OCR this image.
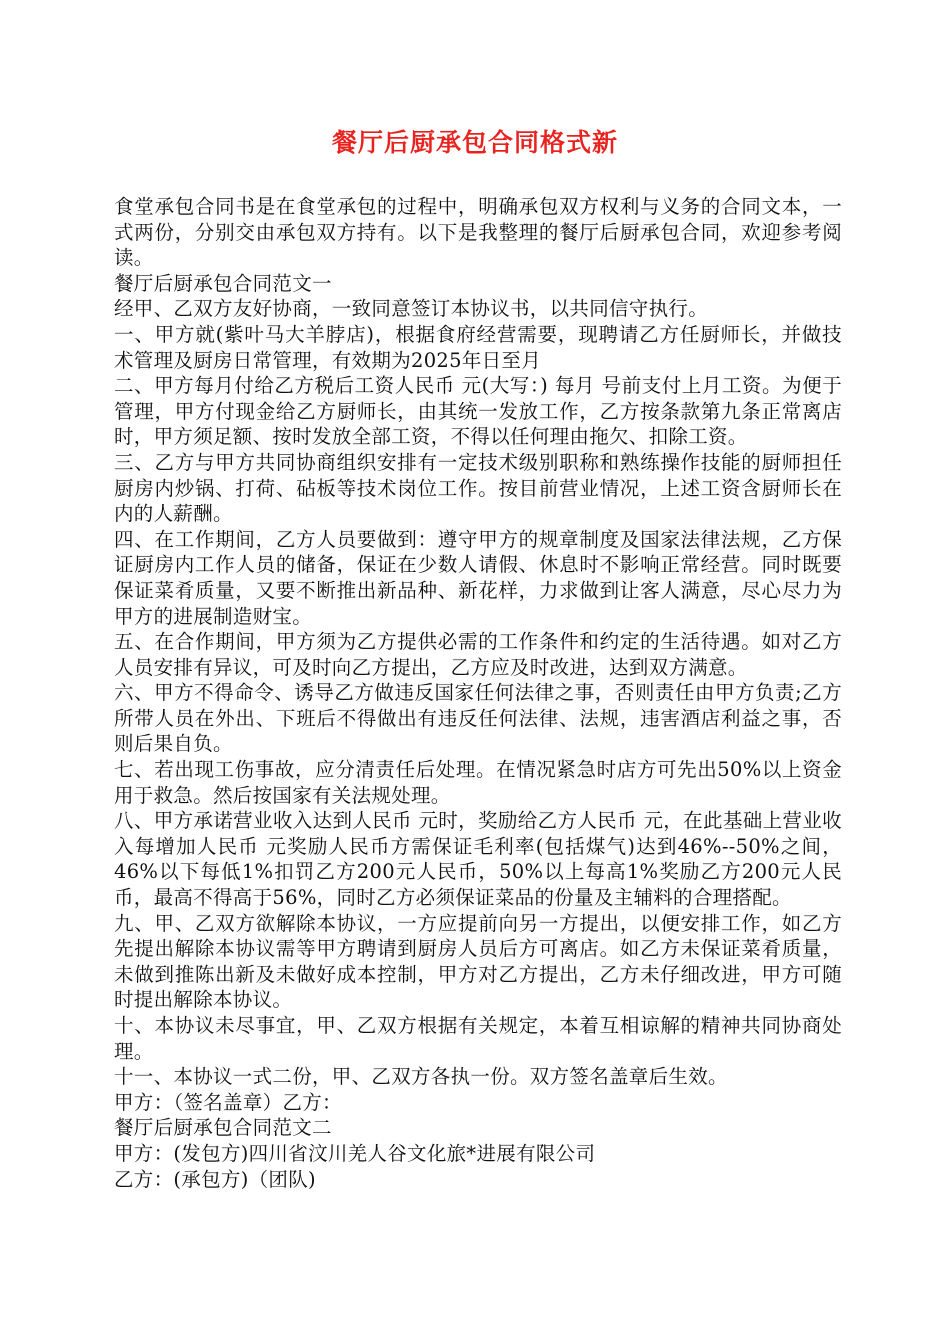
餐厅后厨承包合同格式新

食堂承包合同书是在食堂承包的过程中，明确承包双方权利与义务的合同文本，一式两份，分别交由承包双方持有。以下是我整理的餐厅后厨承包合同，欢迎参考阅读。

餐厅后厨承包合同范文一

经甲、乙双方友好协商，一致同意签订本协议书，以共同信守执行。

一、甲方就(紫叶马大羊脖店)，根据食府经营需要，现聘请乙方任厨师长，并做技术管理及厨房日常管理，有效期为2025年日至月

二、甲方每月付给乙方税后工资人民币 元(大写：) 每月 号前支付上月工资。为便于管理，甲方付现金给乙方厨师长，由其统一发放工作，乙方按条款第九条正常离店时，甲方须足额、按时发放全部工资，不得以任何理由拖欠、扣除工资。

三、乙方与甲方共同协商组织安排有一定技术级别职称和熟练操作技能的厨师担任厨房内炒锅、打荷、砧板等技术岗位工作。按目前营业情况，上述工资含厨师长在内的人薪酬。

四、在工作期间，乙方人员要做到：遵守甲方的规章制度及国家法律法规，乙方保证厨房内工作人员的储备，保证在少数人请假、休息时不影响正常经营。同时既要保证菜肴质量，又要不断推出新品种、新花样，力求做到让客人满意，尽心尽力为甲方的进展制造财宝。

五、在合作期间，甲方须为乙方提供必需的工作条件和约定的生活待遇。如对乙方人员安排有异议，可及时向乙方提出，乙方应及时改进，达到双方满意。

六、甲方不得命令、诱导乙方做违反国家任何法律之事，否则责任由甲方负责;乙方所带人员在外出、下班后不得做出有违反任何法律、法规，违害酒店利益之事，否则后果自负。

七、若出现工伤事故，应分清责任后处理。在情况紧急时店方可先出50%以上资金用于救急。然后按国家有关法规处理。

八、甲方承诺营业收入达到人民币 元时，奖励给乙方人民币 元，在此基础上营业收入每增加人民币 元奖励人民币方需保证毛利率(包括煤气)达到46%--50%之间，46%以下每低1%扣罚乙方200元人民币，50%以上每高1%奖励乙方200元人民币，最高不得高于56%，同时乙方必须保证菜品的份量及主辅料的合理搭配。

九、甲、乙双方欲解除本协议，一方应提前向另一方提出，以便安排工作，如乙方先提出解除本协议需等甲方聘请到厨房人员后方可离店。如乙方未保证菜肴质量，未做到推陈出新及未做好成本控制，甲方对乙方提出，乙方未仔细改进，甲方可随时提出解除本协议。

十、本协议未尽事宜，甲、乙双方根据有关规定，本着互相谅解的精神共同协商处理。

十一、本协议一式二份，甲、乙双方各执一份。双方签名盖章后生效。

甲方：（签名盖章）乙方：

餐厅后厨承包合同范文二

甲方：(发包方)四川省汶川羌人谷文化旅*进展有限公司

乙方：(承包方)（团队)
